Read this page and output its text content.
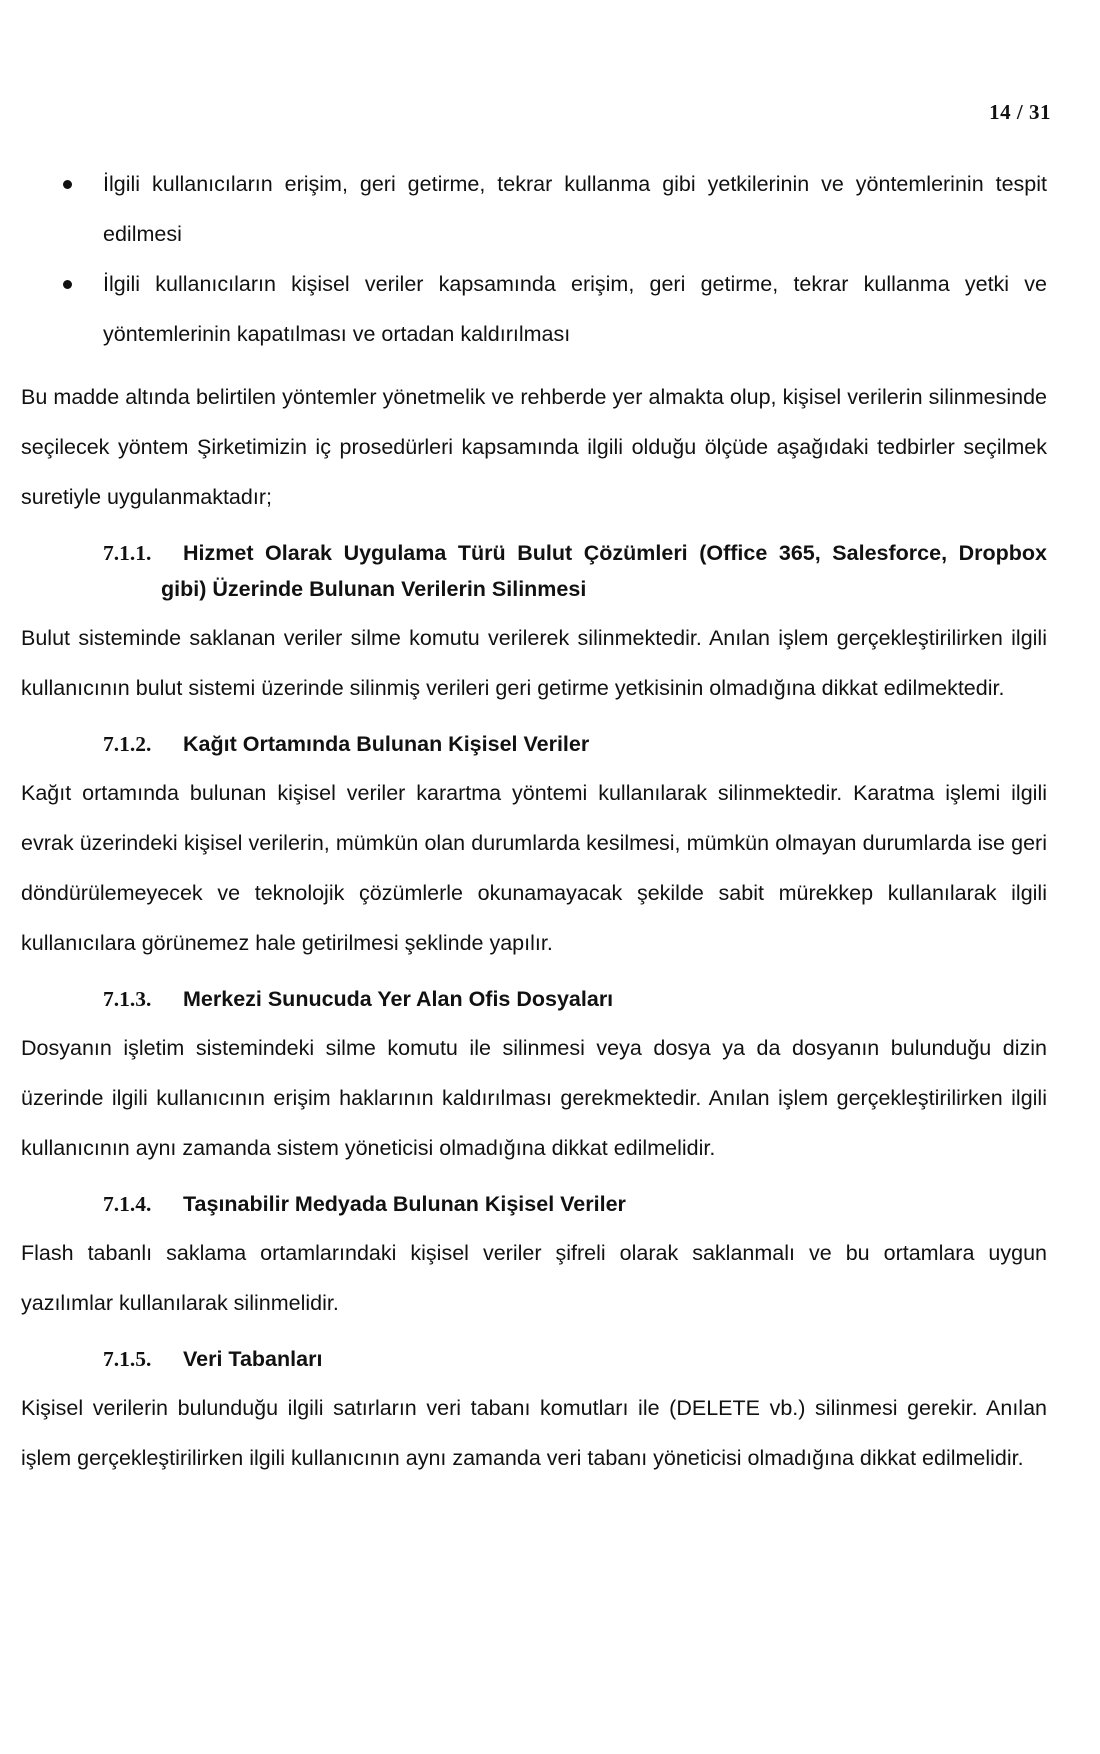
14 / 31
İlgili kullanıcıların erişim, geri getirme, tekrar kullanma gibi yetkilerinin ve yöntemlerinin tespit edilmesi
İlgili kullanıcıların kişisel veriler kapsamında erişim, geri getirme, tekrar kullanma yetki ve yöntemlerinin kapatılması ve ortadan kaldırılması

Bu madde altında belirtilen yöntemler yönetmelik ve rehberde yer almakta olup, kişisel verilerin silinmesinde seçilecek yöntem Şirketimizin iç prosedürleri kapsamında ilgili olduğu ölçüde aşağıdaki tedbirler seçilmek suretiyle uygulanmaktadır;

7.1.1.	Hizmet Olarak Uygulama Türü Bulut Çözümleri (Office 365, Salesforce, Dropbox gibi) Üzerinde Bulunan Verilerin Silinmesi

Bulut sisteminde saklanan veriler silme komutu verilerek silinmektedir. Anılan işlem gerçekleştirilirken ilgili kullanıcının bulut sistemi üzerinde silinmiş verileri geri getirme yetkisinin olmadığına dikkat edilmektedir.

7.1.2. Kağıt Ortamında Bulunan Kişisel Veriler

Kağıt ortamında bulunan kişisel veriler karartma yöntemi kullanılarak silinmektedir. Karatma işlemi ilgili evrak üzerindeki kişisel verilerin, mümkün olan durumlarda kesilmesi, mümkün olmayan durumlarda ise geri döndürülemeyecek ve teknolojik çözümlerle okunamayacak şekilde sabit mürekkep kullanılarak ilgili kullanıcılara görünemez hale getirilmesi şeklinde yapılır.

7.1.3. Merkezi Sunucuda Yer Alan Ofis Dosyaları

Dosyanın işletim sistemindeki silme komutu ile silinmesi veya dosya ya da dosyanın bulunduğu dizin üzerinde ilgili kullanıcının erişim haklarının kaldırılması gerekmektedir. Anılan işlem gerçekleştirilirken ilgili kullanıcının aynı zamanda sistem yöneticisi olmadığına dikkat edilmelidir.

7.1.4. Taşınabilir Medyada Bulunan Kişisel Veriler

Flash tabanlı saklama ortamlarındaki kişisel veriler şifreli olarak saklanmalı ve bu ortamlara uygun yazılımlar kullanılarak silinmelidir.

7.1.5. Veri Tabanları

Kişisel verilerin bulunduğu ilgili satırların veri tabanı komutları ile (DELETE vb.) silinmesi gerekir. Anılan işlem gerçekleştirilirken ilgili kullanıcının aynı zamanda veri tabanı yöneticisi olmadığına dikkat edilmelidir.
